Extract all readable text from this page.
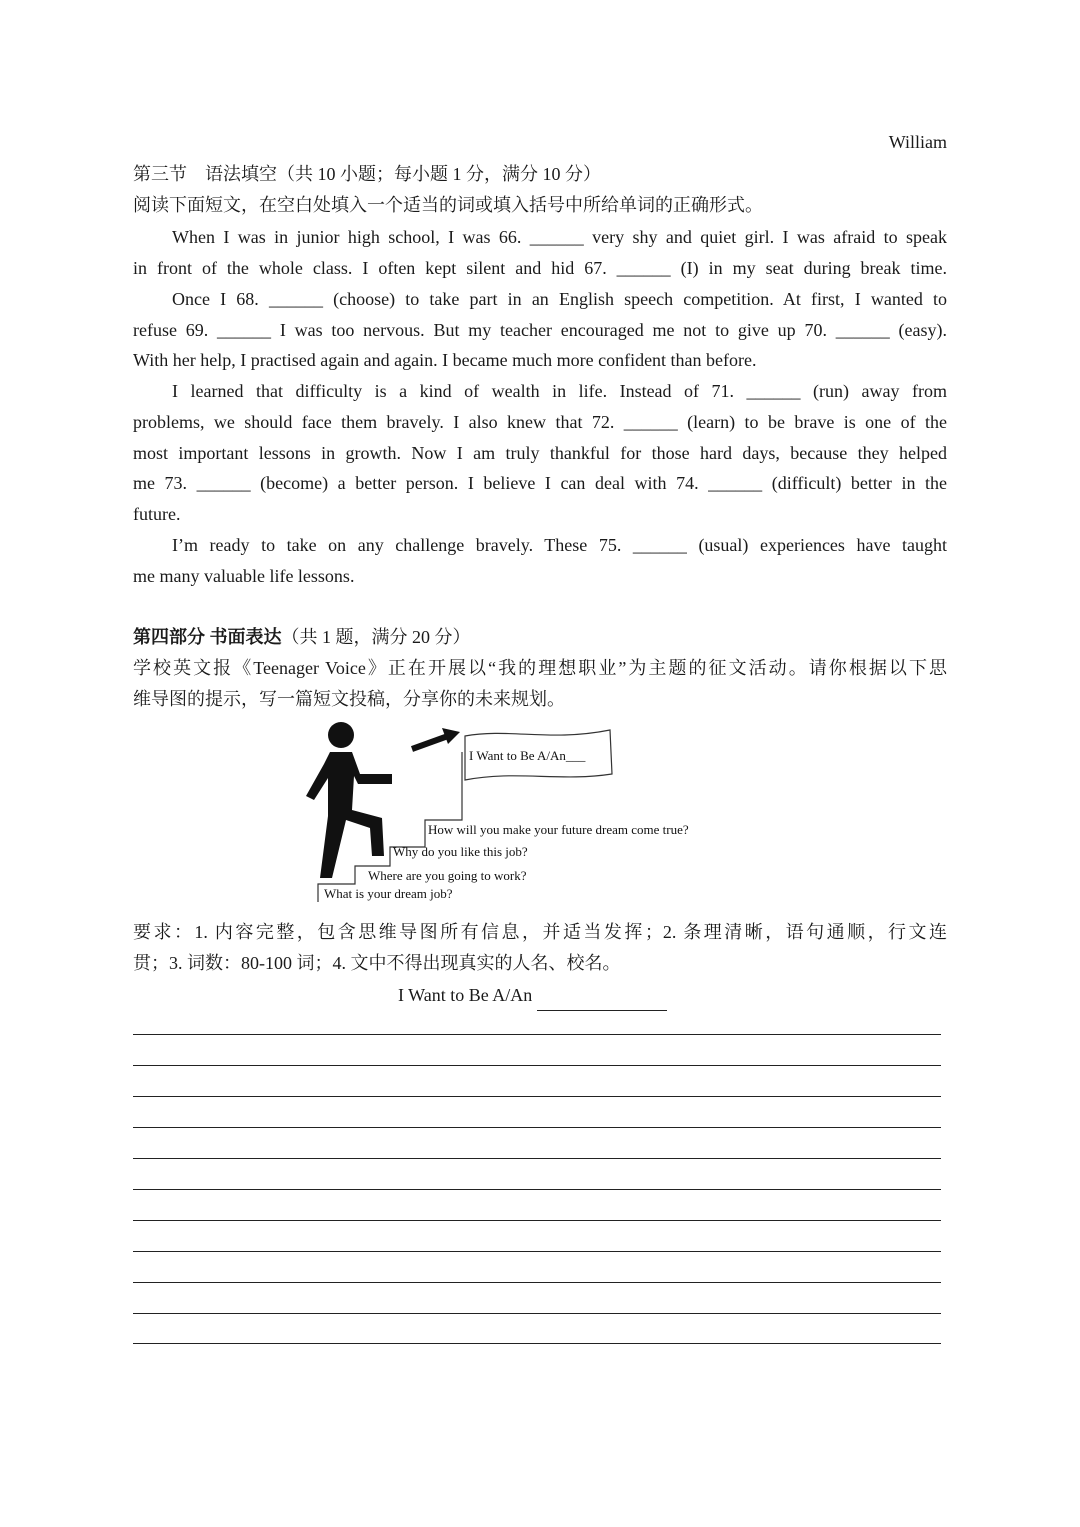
William
第三节　语法填空（共 10 小题；每小题 1 分，满分 10 分）
阅读下面短文，在空白处填入一个适当的词或填入括号中所给单词的正确形式。
When I was in junior high school, I was 66. ______ very shy and quiet girl. I was afraid to speak
in front of the whole class. I often kept silent and hid 67. ______ (I) in my seat during break time.
Once I 68. ______ (choose) to take part in an English speech competition. At first, I wanted to
refuse 69. ______ I was too nervous. But my teacher encouraged me not to give up 70. ______ (easy).
With her help, I practised again and again. I became much more confident than before.
I learned that difficulty is a kind of wealth in life. Instead of 71. ______ (run) away from
problems, we should face them bravely. I also knew that 72. ______ (learn) to be brave is one of the
most important lessons in growth. Now I am truly thankful for those hard days, because they helped
me 73. ______ (become) a better person. I believe I can deal with 74. ______ (difficult) better in the
future.
I’m ready to take on any challenge bravely. These 75. ______ (usual) experiences have taught
me many valuable life lessons.
第四部分 书面表达（共 1 题，满分 20 分）
学校英文报《Teenager Voice》正在开展以“我的理想职业”为主题的征文活动。请你根据以下思
维导图的提示，写一篇短文投稿，分享你的未来规划。
I Want to Be A/An___
How will you make your future dream come true?
Why do you like this job?
Where are you going to work?
What is your dream job?
要求：1. 内容完整，包含思维导图所有信息，并适当发挥；2. 条理清晰，语句通顺，行文连
贯；3. 词数：80-100 词；4. 文中不得出现真实的人名、校名。
I Want to Be A/An
